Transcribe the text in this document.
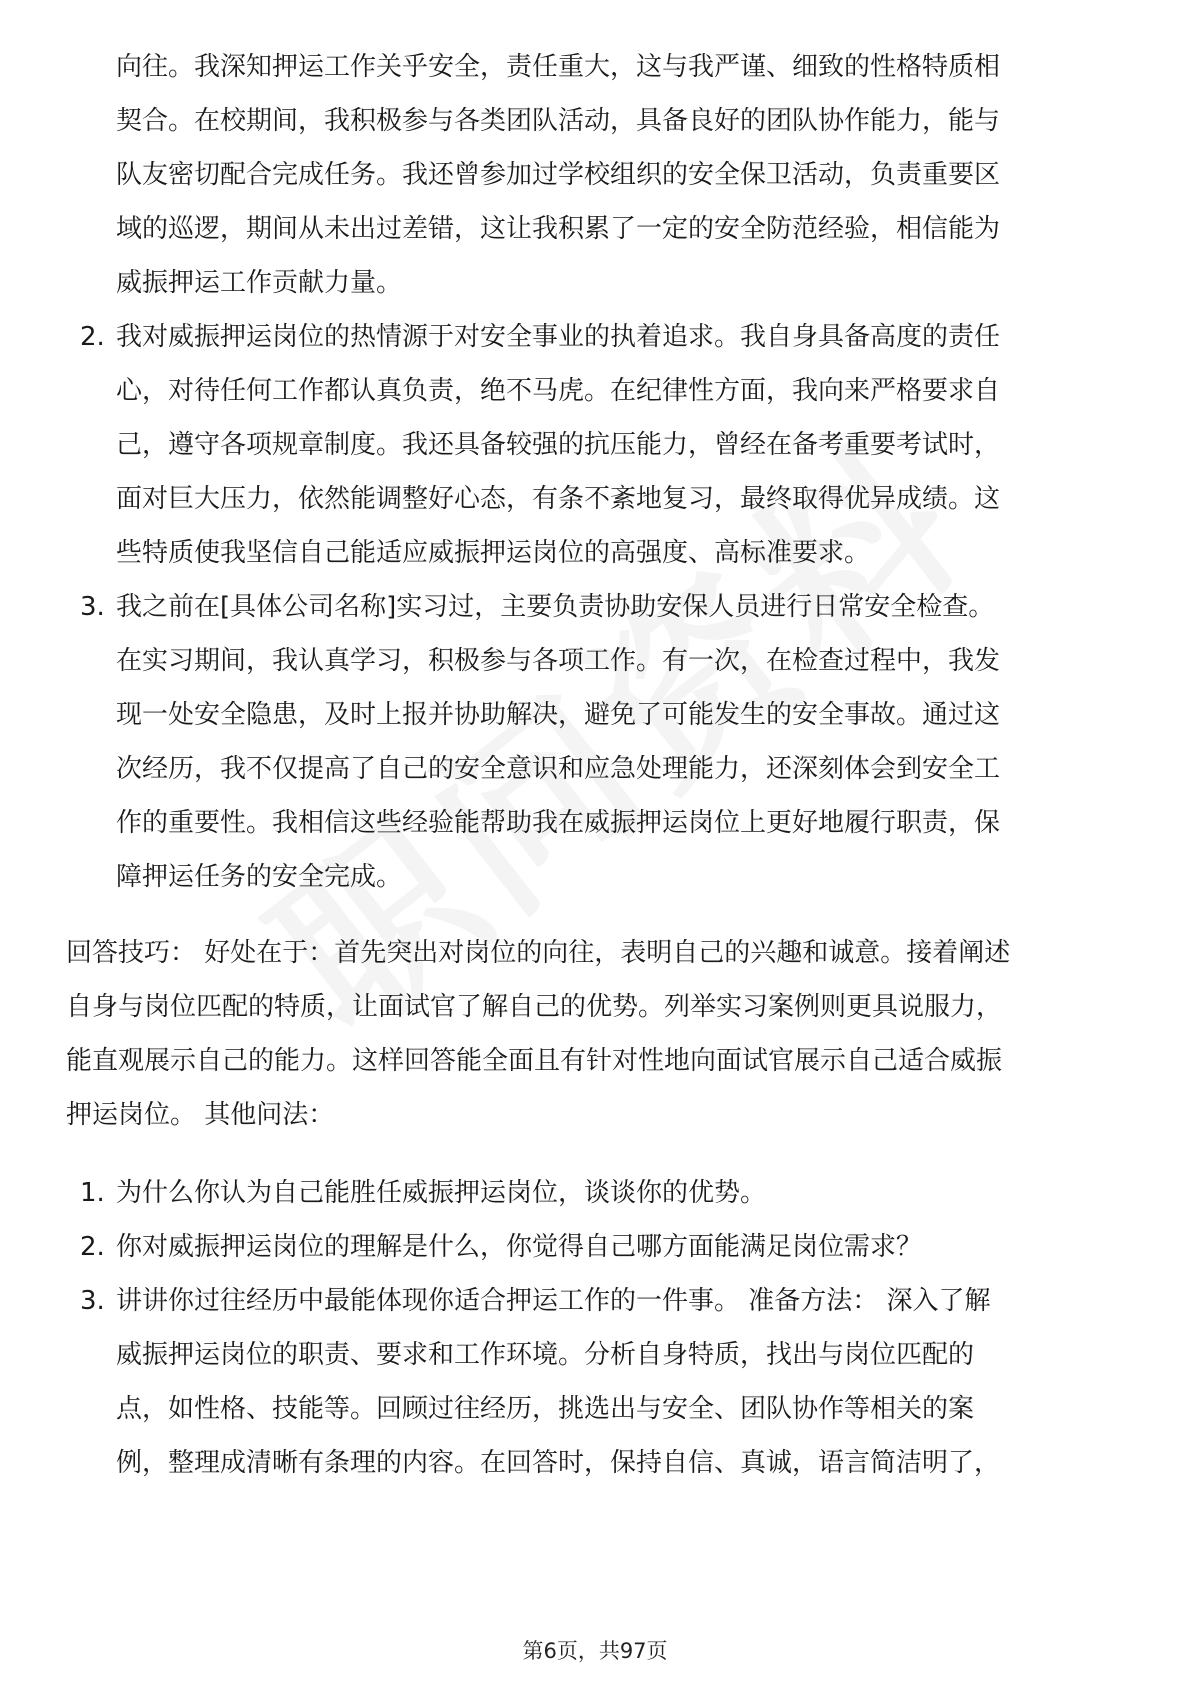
向往。我深知押运工作关乎安全，责任重大，这与我严谨、细致的性格特质相
契合。在校期间，我积极参与各类团队活动，具备良好的团队协作能力，能与
队友密切配合完成任务。我还曾参加过学校组织的安全保卫活动，负责重要区
域的巡逻，期间从未出过差错，这让我积累了一定的安全防范经验，相信能为
威振押运工作贡献力量。
2. 我对威振押运岗位的热情源于对安全事业的执着追求。我自身具备高度的责任
心，对待任何工作都认真负责，绝不马虎。在纪律性方面，我向来严格要求自
己，遵守各项规章制度。我还具备较强的抗压能力，曾经在备考重要考试时，
面对巨大压力，依然能调整好心态，有条不紊地复习，最终取得优异成绩。这
些特质使我坚信自己能适应威振押运岗位的高强度、高标准要求。
3. 我之前在[具体公司名称]实习过，主要负责协助安保人员进行日常安全检查。
在实习期间，我认真学习，积极参与各项工作。有一次，在检查过程中，我发
现一处安全隐患，及时上报并协助解决，避免了可能发生的安全事故。通过这
次经历，我不仅提高了自己的安全意识和应急处理能力，还深刻体会到安全工
作的重要性。我相信这些经验能帮助我在威振押运岗位上更好地履行职责，保
障押运任务的安全完成。
回答技巧： 好处在于：首先突出对岗位的向往，表明自己的兴趣和诚意。接着阐述
自身与岗位匹配的特质，让面试官了解自己的优势。列举实习案例则更具说服力，
能直观展示自己的能力。这样回答能全面且有针对性地向面试官展示自己适合威振
押运岗位。 其他问法：
1. 为什么你认为自己能胜任威振押运岗位，谈谈你的优势。
2. 你对威振押运岗位的理解是什么，你觉得自己哪方面能满足岗位需求？
3. 讲讲你过往经历中最能体现你适合押运工作的一件事。 准备方法： 深入了解
威振押运岗位的职责、要求和工作环境。分析自身特质，找出与岗位匹配的
点，如性格、技能等。回顾过往经历，挑选出与安全、团队协作等相关的案
例，整理成清晰有条理的内容。在回答时，保持自信、真诚，语言简洁明了，
第6页，共97页
